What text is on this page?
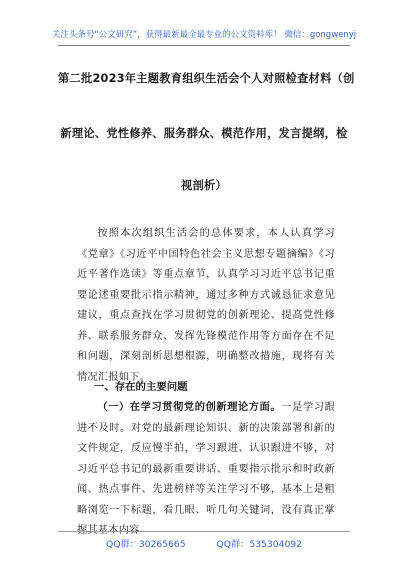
关注头条号“公文研究”，获得最新最全最专业的公文资料库！ 微信：gongwenyj
第二批2023年主题教育组织生活会个人对照检查材料（创
新理论、党性修养、服务群众、模范作用，发言提纲，检
视剖析）
按照本次组织生活会的总体要求，本人认真学习《党章》《习近平中国特色社会主义思想专题摘编》《习近平著作选读》等重点章节，认真学习习近平总书记重要论述重要批示指示精神，通过多种方式诚恳征求意见建议，重点查找在学习贯彻党的创新理论、提高党性修养、联系服务群众、发挥先锋模范作用等方面存在不足和问题，深刻剖析思想根源，明确整改措施，现将有关情况汇报如下。
一、存在的主要问题
（一）在学习贯彻党的创新理论方面。一是学习跟进不及时。对党的最新理论知识、新的决策部署和新的文件规定，反应慢半拍，学习跟进、认识跟进不够，对习近平总书记的最新重要讲话、重要指示批示和时政新闻、热点事件、先进榜样等关注学习不够，基本上是粗略浏览一下标题，看几眼、听几句关键词，没有真正掌握其基本内容
QQ群：30265665	QQ群：535304092
